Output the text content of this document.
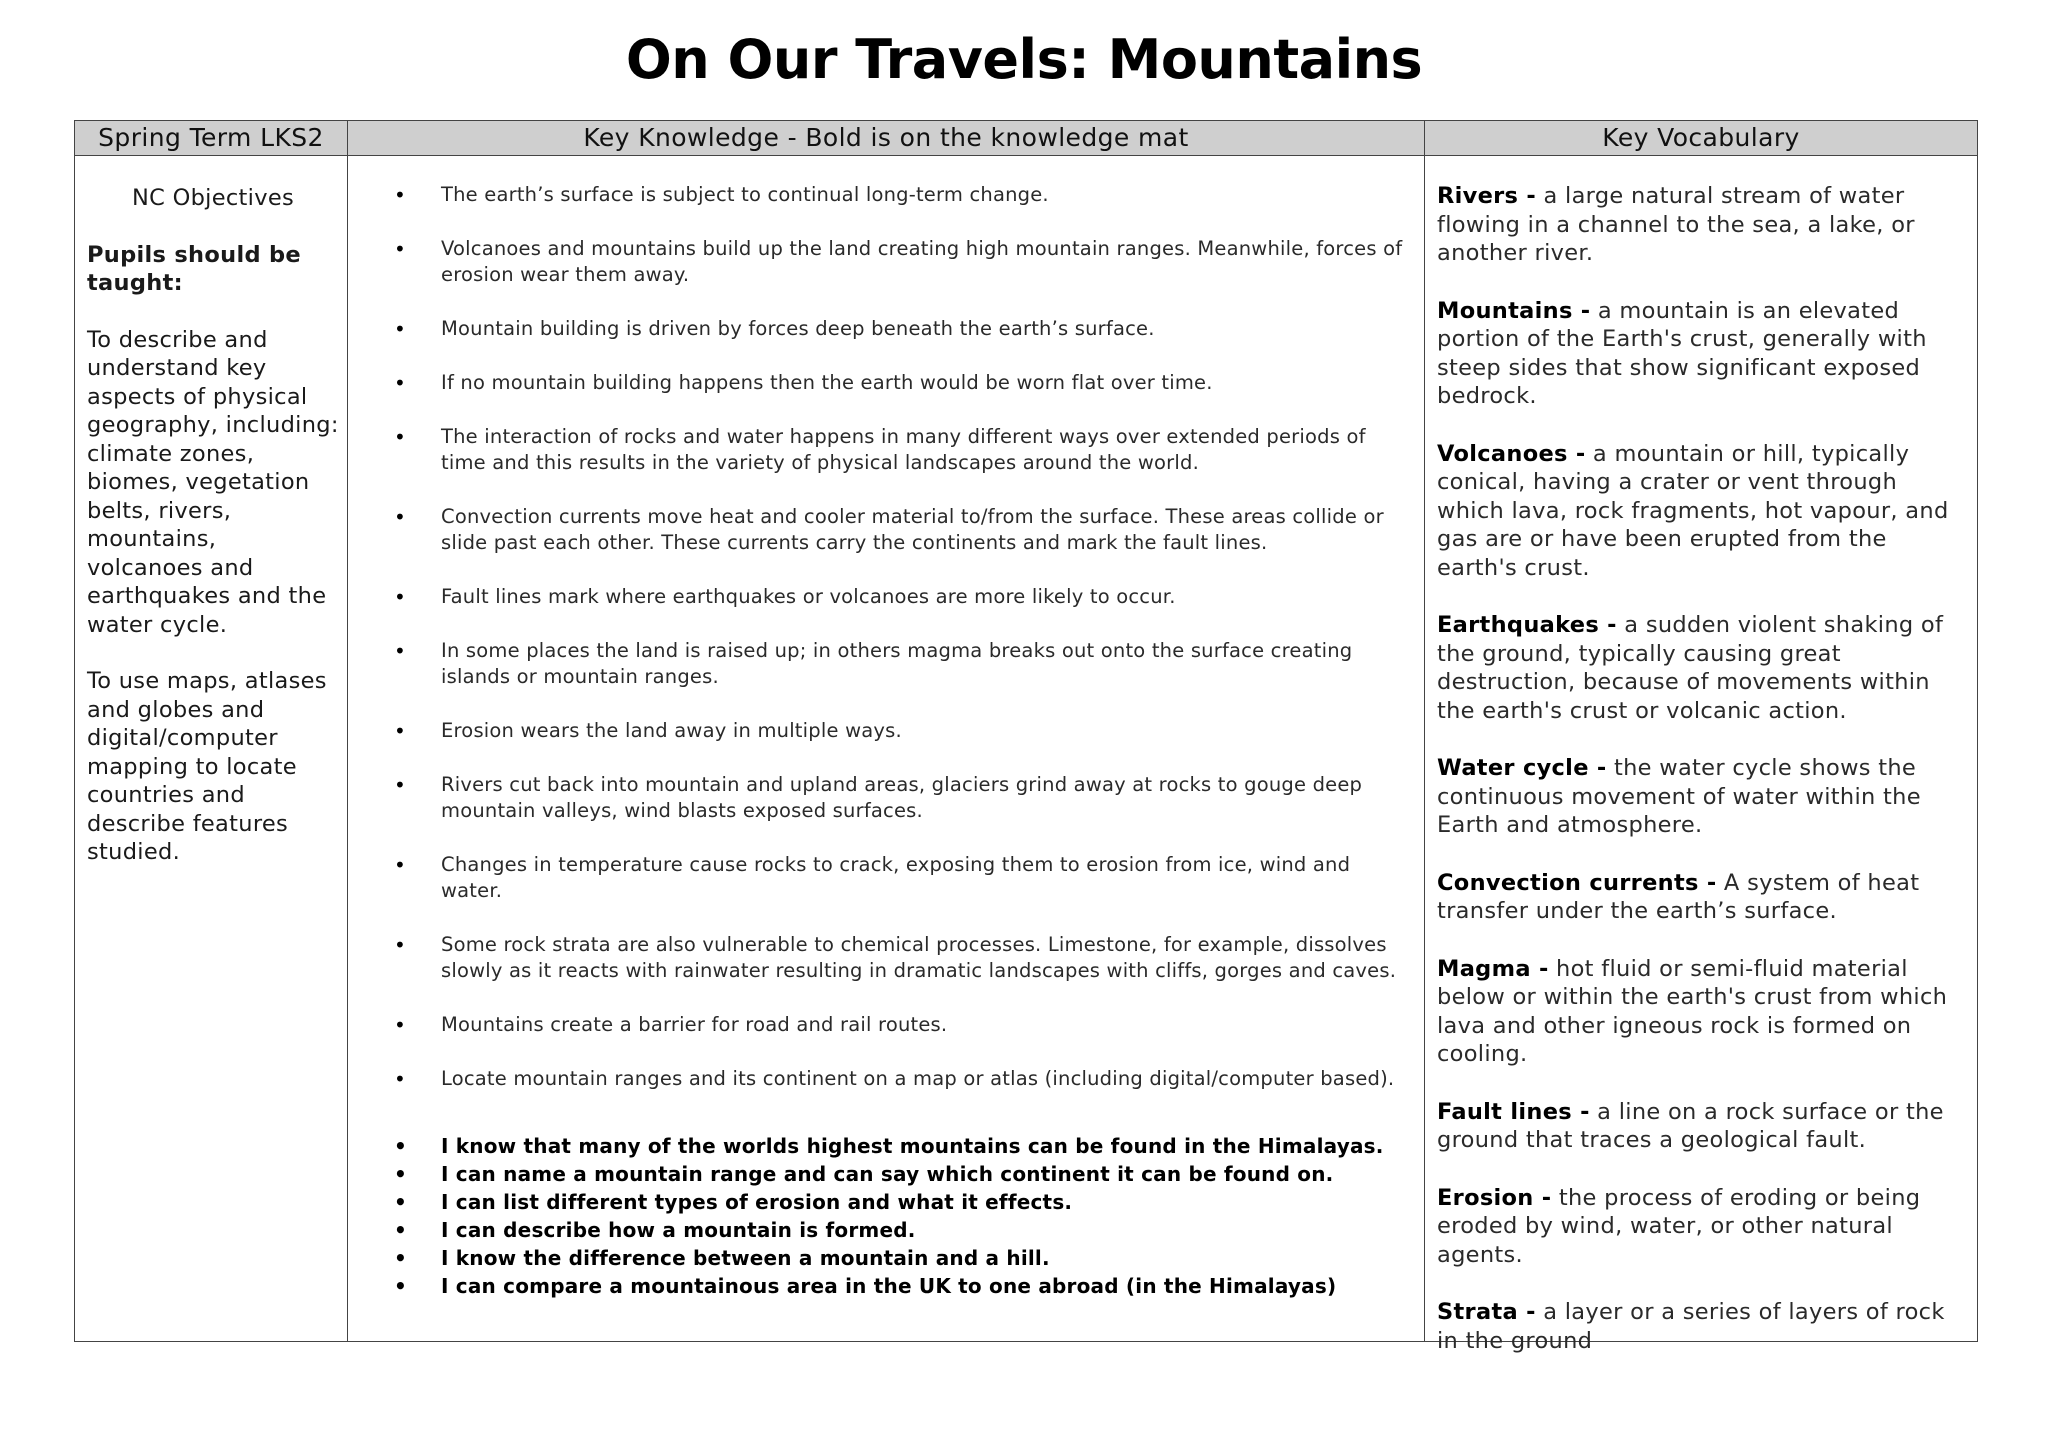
On Our Travels: Mountains
Spring Term LKS2
NC Objectives
Pupils should be taught:

To describe and understand key aspects of physical geography, including: climate zones, biomes, vegetation belts, rivers, mountains, volcanoes and earthquakes and the water cycle.

To use maps, atlases and globes and digital/computer mapping to locate countries and describe features studied.

Key Knowledge - Bold is on the knowledge mat
• The earth’s surface is subject to continual long-term change.
• Volcanoes and mountains build up the land creating high mountain ranges. Meanwhile, forces of erosion wear them away.
• Mountain building is driven by forces deep beneath the earth’s surface.
• If no mountain building happens then the earth would be worn flat over time.
• The interaction of rocks and water happens in many different ways over extended periods of time and this results in the variety of physical landscapes around the world.
• Convection currents move heat and cooler material to/from the surface. These areas collide or slide past each other. These currents carry the continents and mark the fault lines.
• Fault lines mark where earthquakes or volcanoes are more likely to occur.
• In some places the land is raised up; in others magma breaks out onto the surface creating islands or mountain ranges.
• Erosion wears the land away in multiple ways.
• Rivers cut back into mountain and upland areas, glaciers grind away at rocks to gouge deep mountain valleys, wind blasts exposed surfaces.
• Changes in temperature cause rocks to crack, exposing them to erosion from ice, wind and water.
• Some rock strata are also vulnerable to chemical processes. Limestone, for example, dissolves slowly as it reacts with rainwater resulting in dramatic landscapes with cliffs, gorges and caves.
• Mountains create a barrier for road and rail routes.
• Locate mountain ranges and its continent on a map or atlas (including digital/computer based).
• I know that many of the worlds highest mountains can be found in the Himalayas.
• I can name a mountain range and can say which continent it can be found on.
• I can list different types of erosion and what it effects.
• I can describe how a mountain is formed.
• I know the difference between a mountain and a hill.
• I can compare a mountainous area in the UK to one abroad (in the Himalayas)
Key Vocabulary

Rivers - a large natural stream of water flowing in a channel to the sea, a lake, or another river.

Mountains - a mountain is an elevated portion of the Earth's crust, generally with steep sides that show significant exposed bedrock.

Volcanoes - a mountain or hill, typically conical, having a crater or vent through which lava, rock fragments, hot vapour, and gas are or have been erupted from the earth's crust.

Earthquakes - a sudden violent shaking of the ground, typically causing great destruction, because of movements within the earth's crust or volcanic action.

Water cycle - the water cycle shows the continuous movement of water within the Earth and atmosphere.

Convection currents - A system of heat transfer under the earth’s surface.

Magma - hot fluid or semi-fluid material below or within the earth's crust from which lava and other igneous rock is formed on cooling.

Fault lines - a line on a rock surface or the ground that traces a geological fault.

Erosion - the process of eroding or being eroded by wind, water, or other natural agents.

Strata - a layer or a series of layers of rock in the ground
